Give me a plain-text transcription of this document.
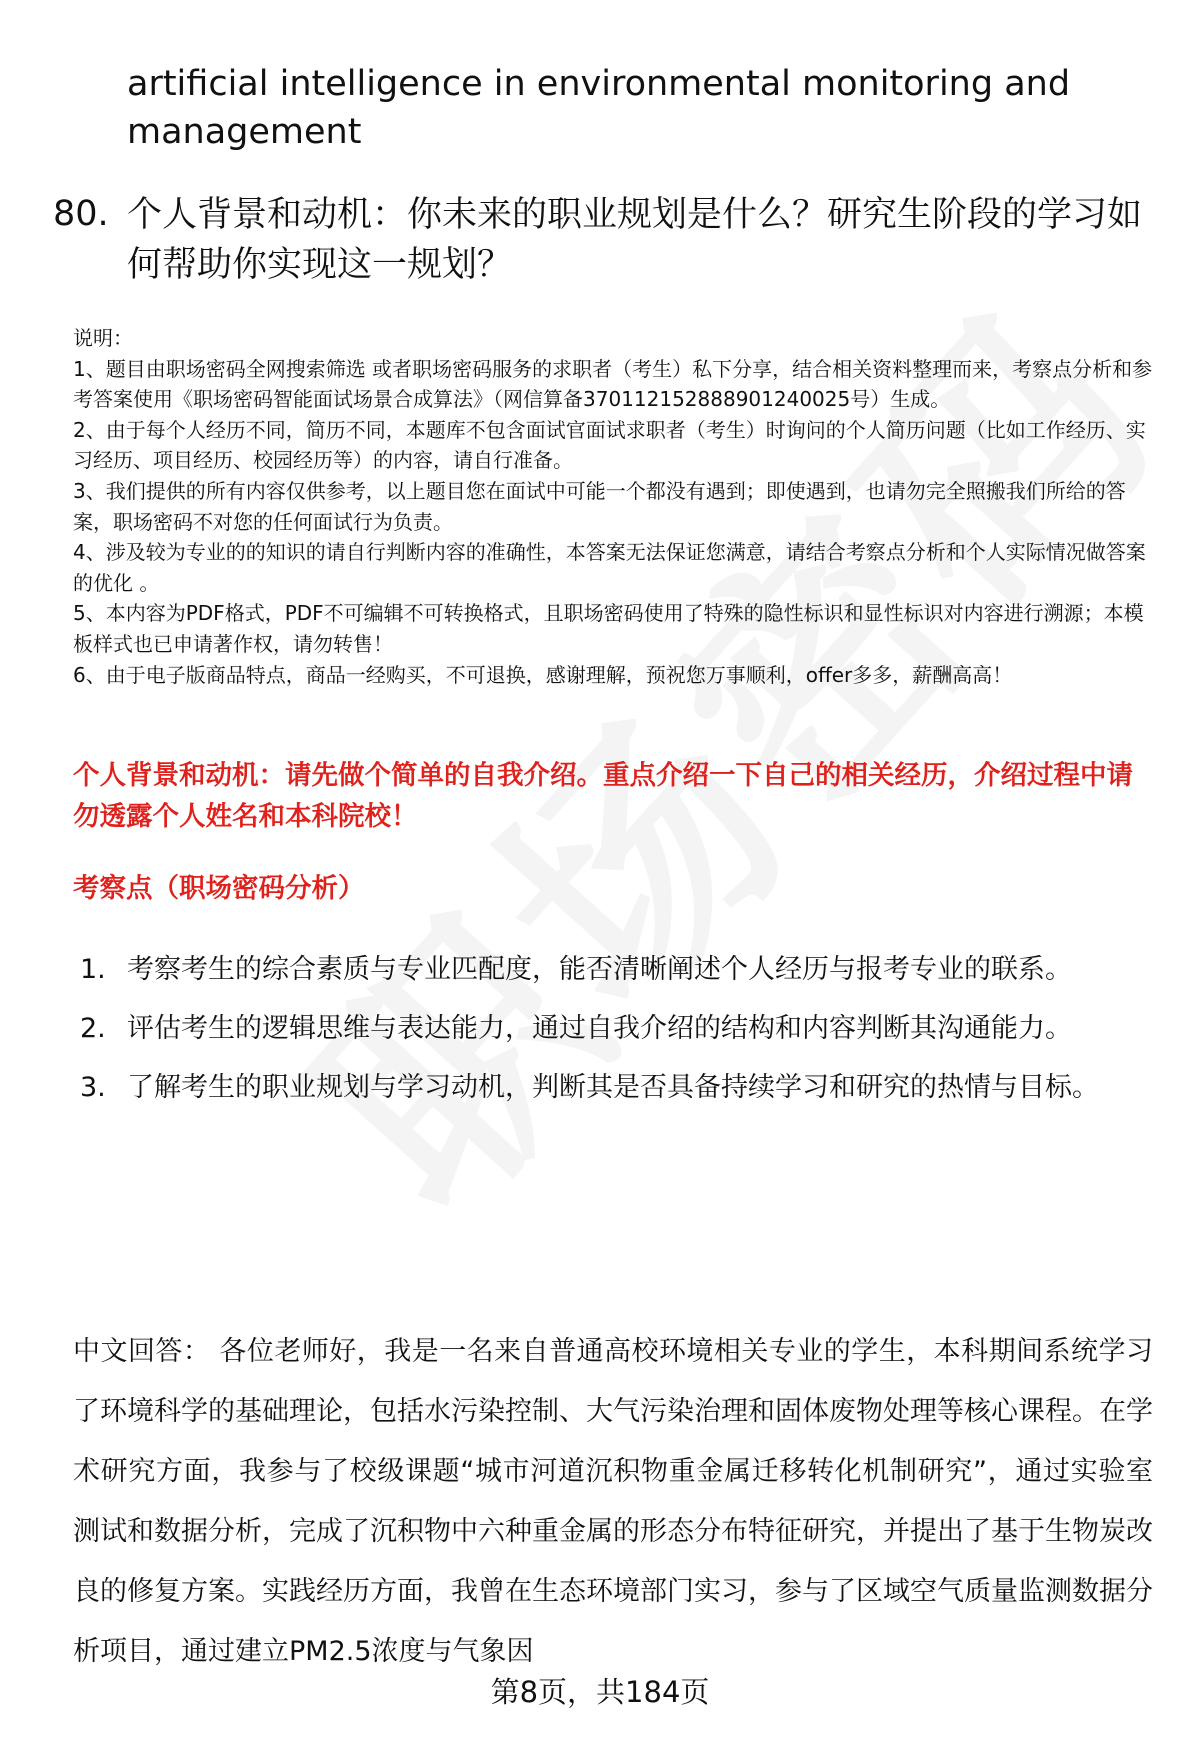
artificial intelligence in environmental monitoring and management
80. 个人背景和动机：你未来的职业规划是什么？研究生阶段的学习如何帮助你实现这一规划？
说明：
1、题目由职场密码全网搜索筛选 或者职场密码服务的求职者（考生）私下分享，结合相关资料整理而来，考察点分析和参考答案使用《职场密码智能面试场景合成算法》（网信算备370112152888901240025号）生成。
2、由于每个人经历不同，简历不同，本题库不包含面试官面试求职者（考生）时询问的个人简历问题（比如工作经历、实习经历、项目经历、校园经历等）的内容，请自行准备。
3、我们提供的所有内容仅供参考，以上题目您在面试中可能一个都没有遇到；即使遇到，也请勿完全照搬我们所给的答案，职场密码不对您的任何面试行为负责。
4、涉及较为专业的的知识的请自行判断内容的准确性，本答案无法保证您满意，请结合考察点分析和个人实际情况做答案的优化 。
5、本内容为PDF格式，PDF不可编辑不可转换格式，且职场密码使用了特殊的隐性标识和显性标识对内容进行溯源；本模板样式也已申请著作权，请勿转售！
6、由于电子版商品特点，商品一经购买，不可退换，感谢理解，预祝您万事顺利，offer多多，薪酬高高！
个人背景和动机：请先做个简单的自我介绍。重点介绍一下自己的相关经历，介绍过程中请勿透露个人姓名和本科院校！
考察点（职场密码分析）
1. 考察考生的综合素质与专业匹配度，能否清晰阐述个人经历与报考专业的联系。
2. 评估考生的逻辑思维与表达能力，通过自我介绍的结构和内容判断其沟通能力。
3. 了解考生的职业规划与学习动机，判断其是否具备持续学习和研究的热情与目标。
中文回答： 各位老师好，我是一名来自普通高校环境相关专业的学生，本科期间系统学习了环境科学的基础理论，包括水污染控制、大气污染治理和固体废物处理等核心课程。在学术研究方面，我参与了校级课题“城市河道沉积物重金属迁移转化机制研究”，通过实验室测试和数据分析，完成了沉积物中六种重金属的形态分布特征研究，并提出了基于生物炭改良的修复方案。实践经历方面，我曾在生态环境部门实习，参与了区域空气质量监测数据分析项目，通过建立PM2.5浓度与气象因
第8页，共184页
